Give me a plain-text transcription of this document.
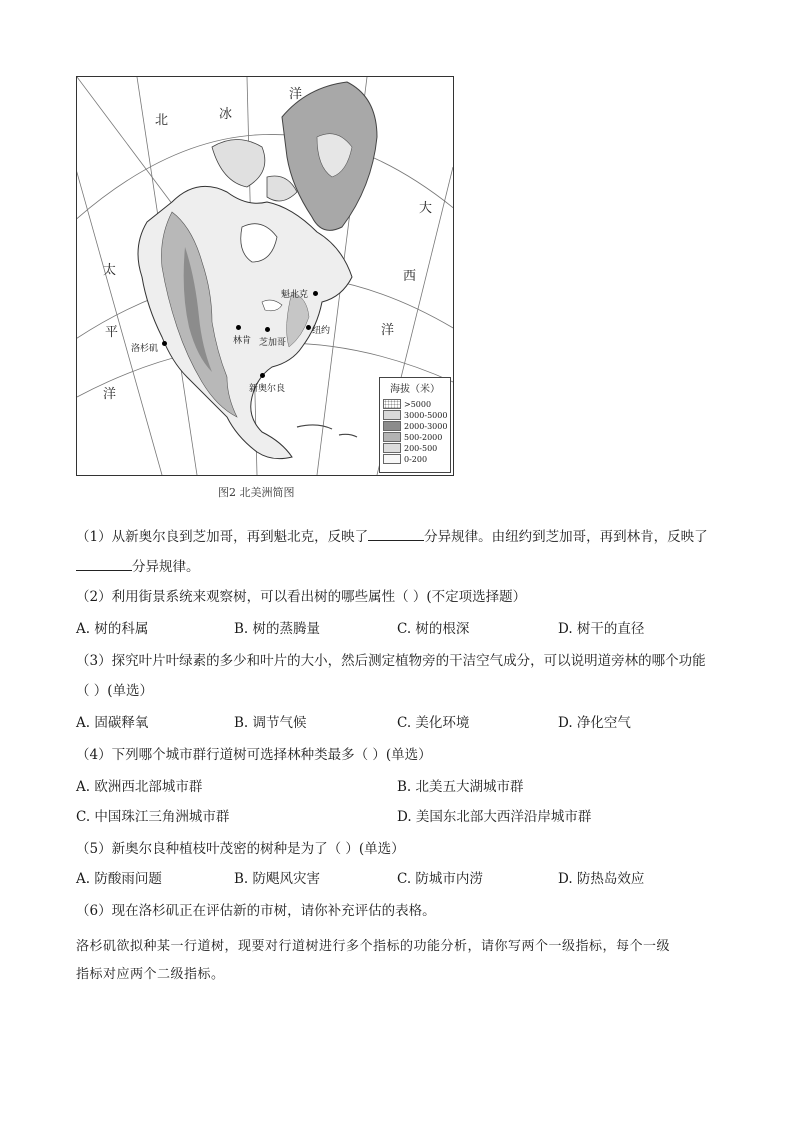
北	冰
洋
大
西
洋
太
平
洋
魁北克
林肯 芝加哥
纽约
洛杉矶
新奥尔良	海拔（米）
>5000
3000-5000
2000-3000
500-2000
200-500
0-200
图2 北美洲简图
（1）从新奥尔良到芝加哥，再到魁北克，反映了	分异规律。由纽约到芝加哥，再到林肯，反映了
分异规律。
（2）利用街景系统来观察树，可以看出树的哪些属性（ ）(不定项选择题）
A. 树的科属	B. 树的蒸腾量	C. 树的根深	D. 树干的直径
（3）探究叶片叶绿素的多少和叶片的大小，然后测定植物旁的干洁空气成分，可以说明道旁林的哪个功能
（ ）(单选）
A. 固碳释氧	B. 调节气候	C. 美化环境	D. 净化空气
（4）下列哪个城市群行道树可选择林种类最多（ ）(单选）
A. 欧洲西北部城市群	B. 北美五大湖城市群
C. 中国珠江三角洲城市群	D. 美国东北部大西洋沿岸城市群
（5）新奥尔良种植枝叶茂密的树种是为了（ ）(单选）
A. 防酸雨问题	B. 防飓风灾害	C. 防城市内涝	D. 防热岛效应
（6）现在洛杉矶正在评估新的市树，请你补充评估的表格。
洛杉矶欲拟种某一行道树，现要对行道树进行多个指标的功能分析，请你写两个一级指标，每个一级
指标对应两个二级指标。
